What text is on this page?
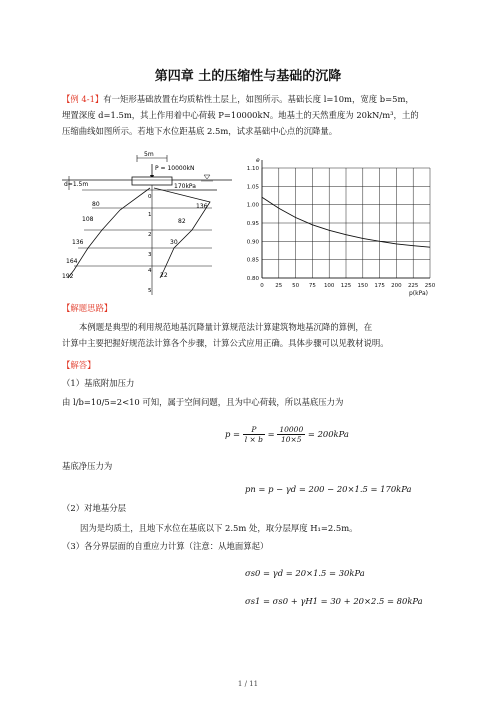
第四章 土的压缩性与基础的沉降
【例 4-1】有一矩形基础放置在均质粘性土层上，如图所示。基础长度 l=10m，宽度 b=5m，
埋置深度 d=1.5m，其上作用着中心荷载 P=10000kN。地基土的天然重度为 20kN/m³，土的
压缩曲线如图所示。若地下水位距基底 2.5m，试求基础中心点的沉降量。
5m
P = 10000kN
d=1.5m	170kPa
80
108
136
164
192
136
82
30
22
0
1
2
3
4
5
0 25 50 75 100 125 150 175 200 225 250
1.10
1.05
1.00
0.95
0.90
0.85
0.80
e
p(kPa)
【解题思路】
本例题是典型的利用规范地基沉降量计算规范法计算建筑物地基沉降的算例，在
计算中主要把握好规范法计算各个步骤，计算公式应用正确。具体步骤可以见教材说明。
【解答】
（1）基底附加压力
由 l/b=10/5=2<10 可知，属于空间问题，且为中心荷载，所以基底压力为
$p = \frac{P}{l \times b} = \frac{10000}{10\times 5} = 200kPa$
基底净压力为
pn = p − γd = 200 − 20×1.5 = 170kPa
（2）对地基分层
因为是均质土，且地下水位在基底以下 2.5m 处，取分层厚度 H₁=2.5m。
（3）各分界层面的自重应力计算（注意：从地面算起）
σs0 = γd = 20×1.5 = 30kPa
σs1 = σs0 + γH1 = 30 + 20×2.5 = 80kPa
1 / 11
